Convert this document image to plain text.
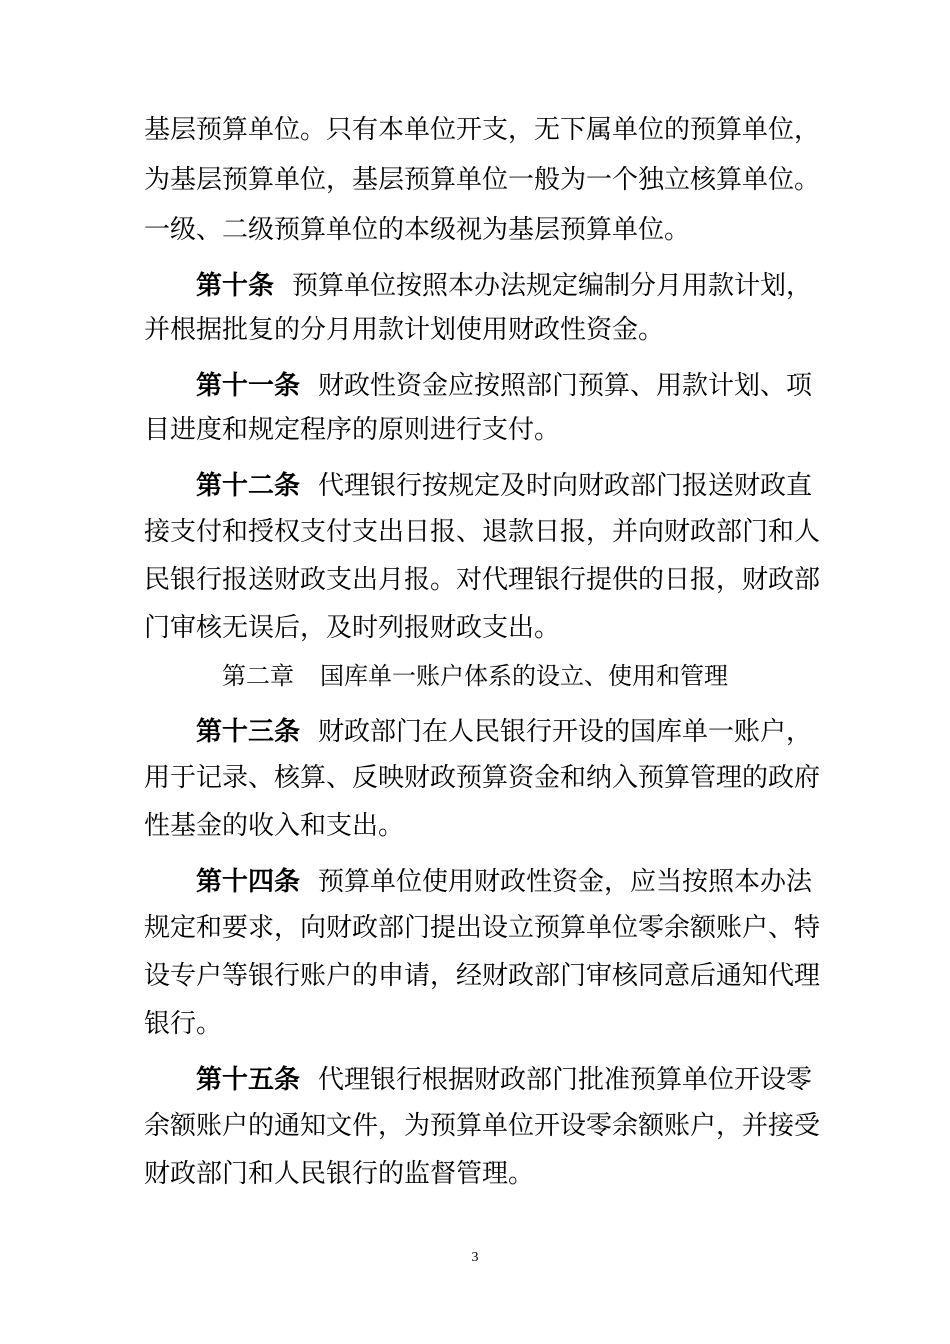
基层预算单位。只有本单位开支，无下属单位的预算单位，
为基层预算单位，基层预算单位一般为一个独立核算单位。
一级、二级预算单位的本级视为基层预算单位。
第十条 预算单位按照本办法规定编制分月用款计划，
并根据批复的分月用款计划使用财政性资金。
第十一条 财政性资金应按照部门预算、用款计划、项
目进度和规定程序的原则进行支付。
第十二条 代理银行按规定及时向财政部门报送财政直
接支付和授权支付支出日报、退款日报，并向财政部门和人
民银行报送财政支出月报。对代理银行提供的日报，财政部
门审核无误后，及时列报财政支出。
第二章 国库单一账户体系的设立、使用和管理
第十三条 财政部门在人民银行开设的国库单一账户，
用于记录、核算、反映财政预算资金和纳入预算管理的政府
性基金的收入和支出。
第十四条 预算单位使用财政性资金，应当按照本办法
规定和要求，向财政部门提出设立预算单位零余额账户、特
设专户等银行账户的申请，经财政部门审核同意后通知代理
银行。
第十五条 代理银行根据财政部门批准预算单位开设零
余额账户的通知文件，为预算单位开设零余额账户，并接受
财政部门和人民银行的监督管理。
3
